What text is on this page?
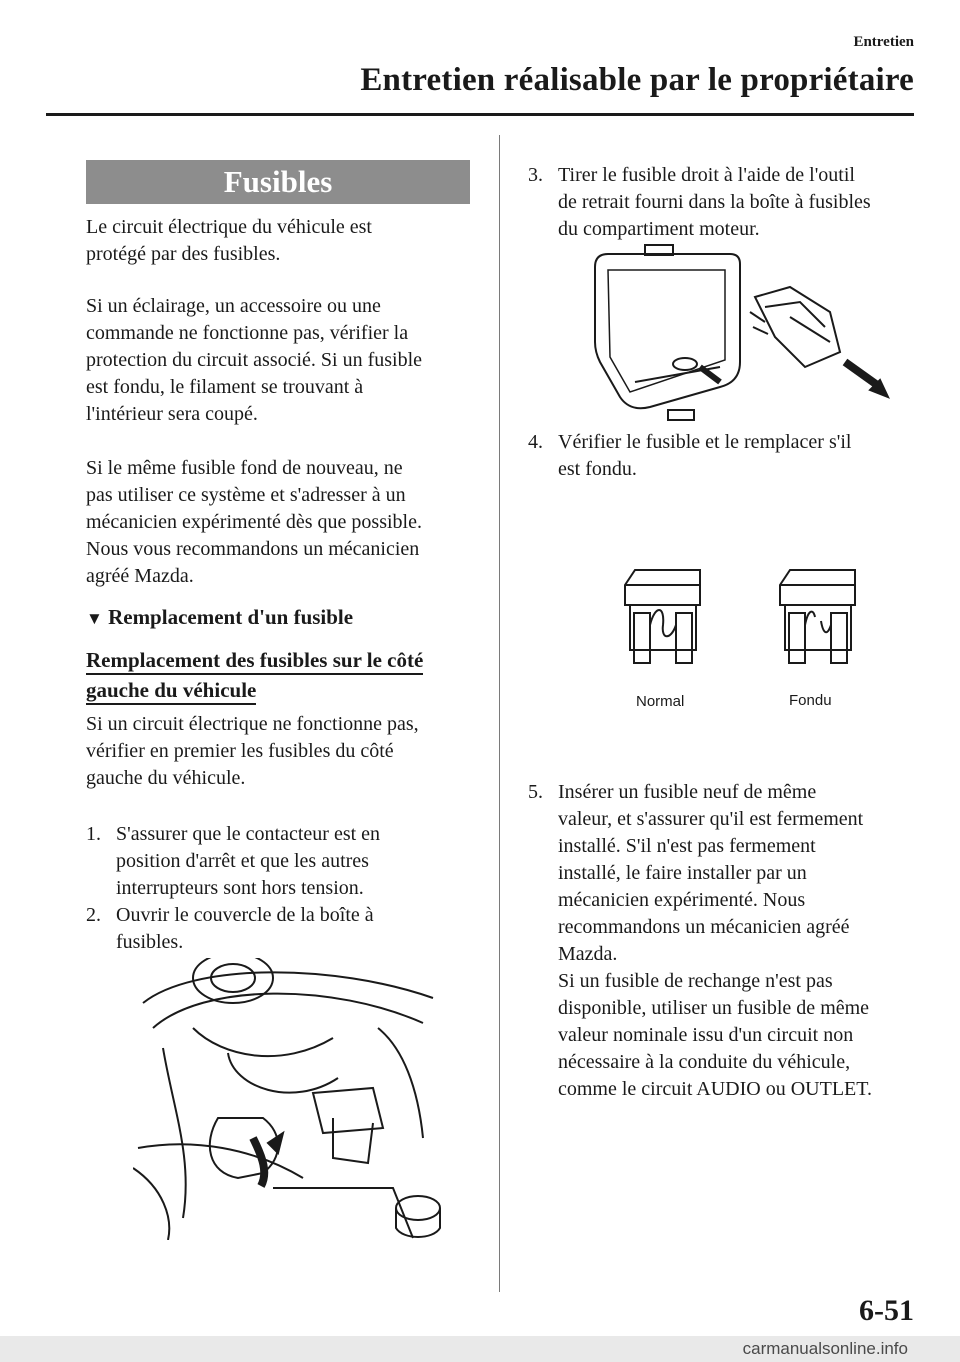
Entretien
Entretien réalisable par le propriétaire
Fusibles
Le circuit électrique du véhicule est
protégé par des fusibles.
Si un éclairage, un accessoire ou une
commande ne fonctionne pas, vérifier la
protection du circuit associé. Si un fusible
est fondu, le filament se trouvant à
l'intérieur sera coupé.
Si le même fusible fond de nouveau, ne
pas utiliser ce système et s'adresser à un
mécanicien expérimenté dès que possible.
Nous vous recommandons un mécanicien
agréé Mazda.
▼ Remplacement d'un fusible
Remplacement des fusibles sur le côté
gauche du véhicule
Si un circuit électrique ne fonctionne pas,
vérifier en premier les fusibles du côté
gauche du véhicule.
1. S'assurer que le contacteur est en
position d'arrêt et que les autres
interrupteurs sont hors tension.
2. Ouvrir le couvercle de la boîte à
fusibles.
3. Tirer le fusible droit à l'aide de l'outil
de retrait fourni dans la boîte à fusibles
du compartiment moteur.
4. Vérifier le fusible et le remplacer s'il
est fondu.
Normal	Fondu
5. Insérer un fusible neuf de même
valeur, et s'assurer qu'il est fermement
installé. S'il n'est pas fermement
installé, le faire installer par un
mécanicien expérimenté. Nous
recommandons un mécanicien agréé
Mazda.
Si un fusible de rechange n'est pas
disponible, utiliser un fusible de même
valeur nominale issu d'un circuit non
nécessaire à la conduite du véhicule,
comme le circuit AUDIO ou OUTLET.
6-51
carmanualsonline.info
